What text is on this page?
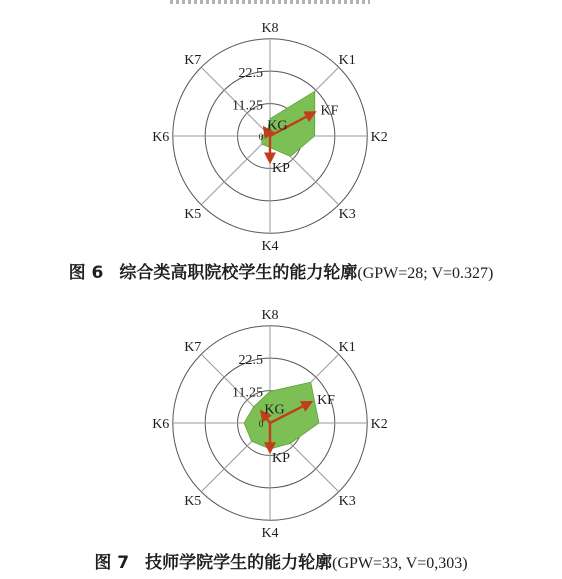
K1
K2
K3
K4
K5
K6
K7
K8
11.25
22.5
KF
KP
KG
0
图 6 综合类高职院校学生的能力轮廓(GPW=28; V=0.327)
K1
K2
K3
K4
K5
K6
K7
K8
11.25
22.5
KF
KP
KG
0
图 7 技师学院学生的能力轮廓(GPW=33, V=0,303)
